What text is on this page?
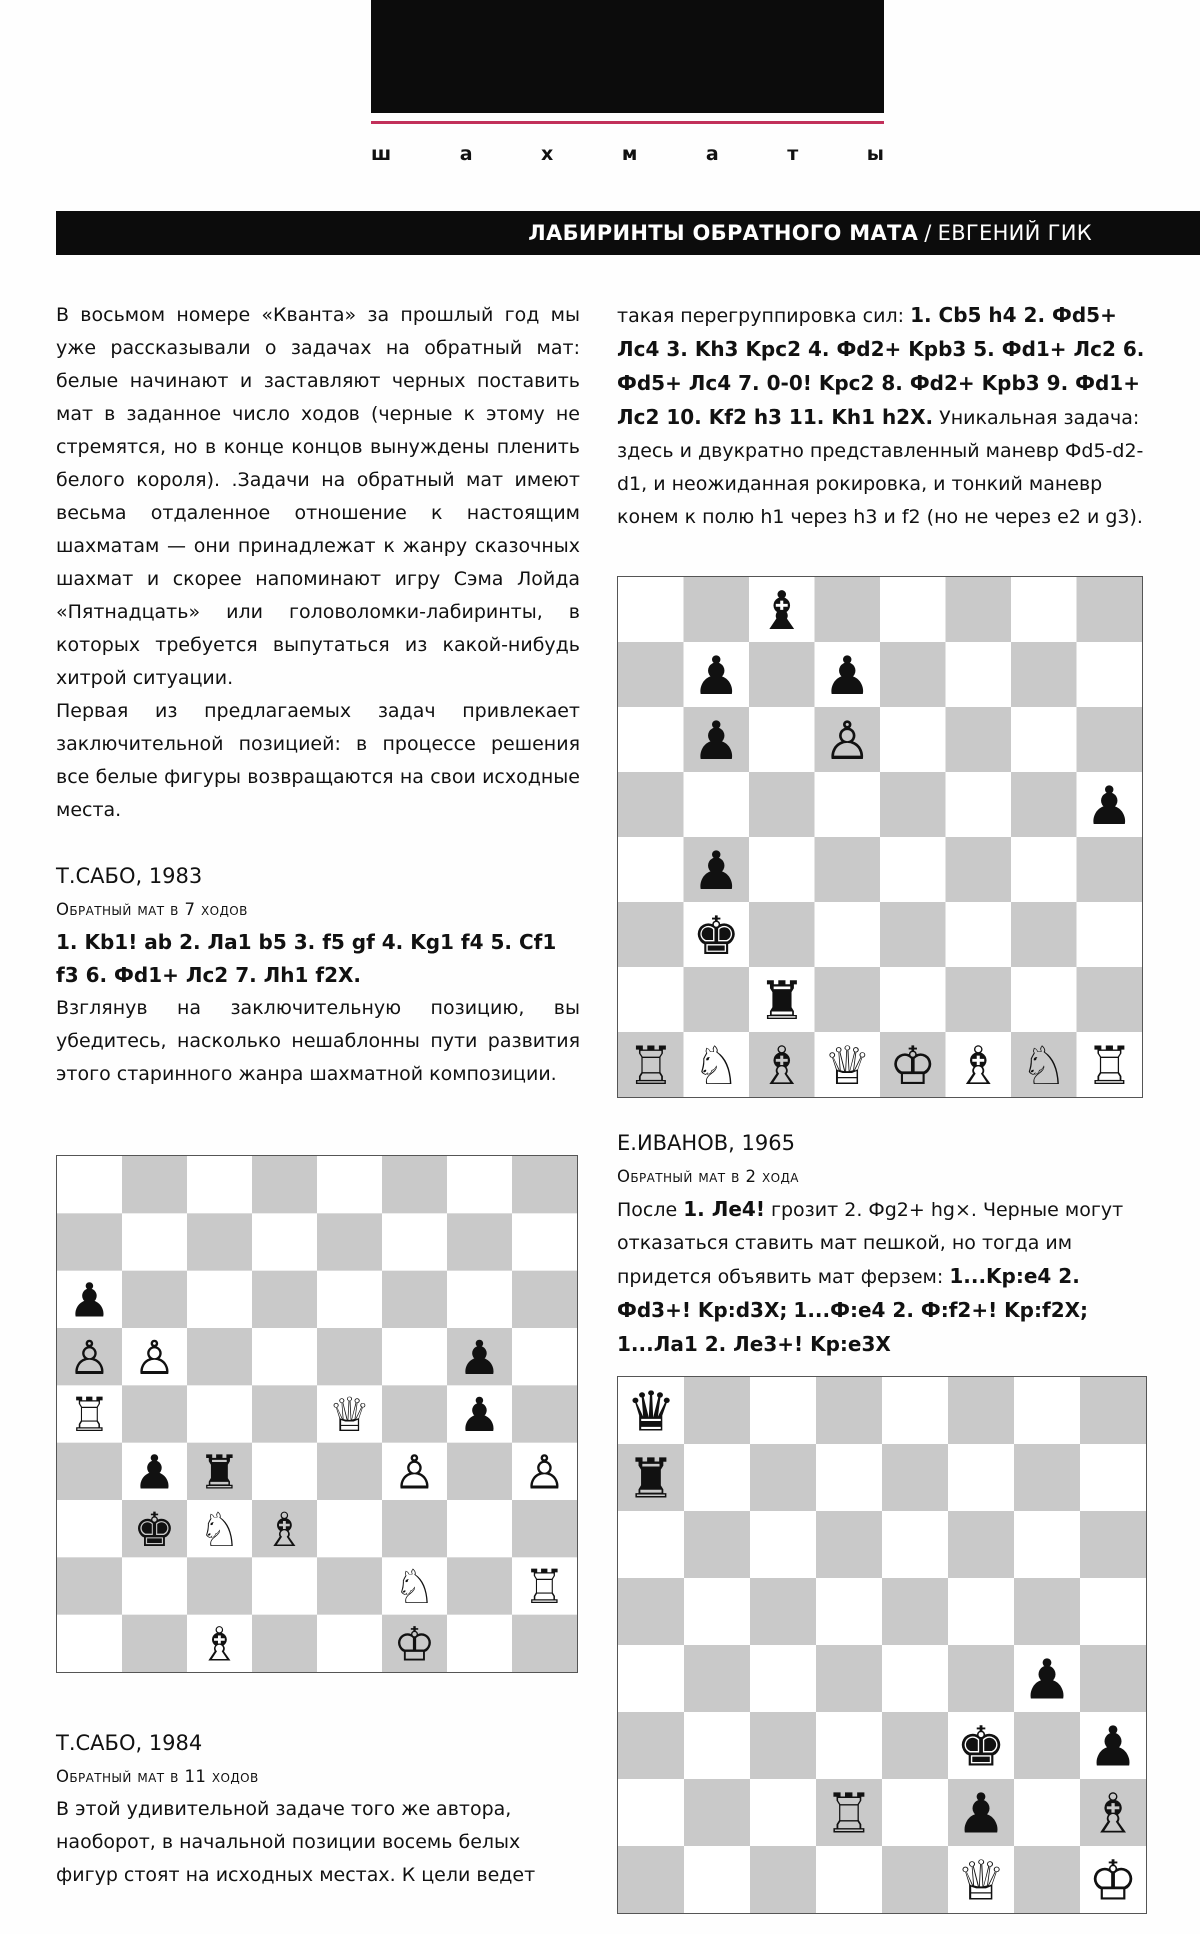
ш	а	х	м	а	т	ы
ЛАБИРИНТЫ ОБРАТНОГО МАТА / ЕВГЕНИЙ ГИК

В восьмом номере «Кванта» за прошлый год мы уже рассказывали о задачах на обратный мат: белые начинают и заставляют черных поставить мат в заданное число ходов (черные к этому не стремятся, но в конце концов вынуждены пленить белого короля). .Задачи на обратный мат имеют весьма отдаленное отношение к настоящим шахматам — они принадлежат к жанру сказочных шахмат и скорее напоминают игру Сэма Лойда «Пятнадцать» или головоломки-лабиринты, в которых требуется выпутаться из какой-нибудь хитрой ситуации.

Первая из предлагаемых задач привлекает заключительной позицией: в процессе решения все белые фигуры возвращаются на свои исходные места.

Т.САБО, 1983

Обратный мат в 7 ходов

1. Kb1! ab 2. Ла1 b5 3. f5 gf 4. Kg1 f4 5. Cf1 f3 6. Фd1+ Лс2 7. Лh1 f2X.

Взглянув на заключительную позицию, вы убедитесь, насколько нешаблонны пути развития этого старинного жанра шахматной композиции.

♟
♙ ♙	♟
♖	♕ ♟
♟ ♜	♙ ♙
♚ ♘ ♗
♘ ♖
♗	♔

Т.САБО, 1984

Обратный мат в 11 ходов

В этой удивительной задаче того же автора, наоборот, в начальной позиции восемь белых фигур стоят на исходных местах. К цели ведет

такая перегруппировка сил: 1. Cb5 h4 2. Фd5+ Лс4 3. Kh3 Kpc2 4. Фd2+ Kpb3 5. Фd1+ Лс2 6. Фd5+ Лс4 7. 0-0! Kpc2 8. Фd2+ Kpb3 9. Фd1+ Лс2 10. Kf2 h3 11. Kh1 h2X. Уникальная задача: здесь и двукратно представленный маневр Фd5-d2-d1, и неожиданная рокировка, и тонкий маневр конем к полю h1 через h3 и f2 (но не через е2 и g3).

♝
♟ ♟
♟ ♙
♟
♟
♚
♜
♖ ♘ ♗ ♕ ♔ ♗ ♘ ♖

Е.ИВАНОВ, 1965

Обратный мат в 2 хода

После 1. Ле4! грозит 2. Фg2+ hg×. Черные могут отказаться ставить мат пешкой, но тогда им придется объявить мат ферзем: 1...Kp:e4 2. Фd3+! Kp:d3X; 1...Ф:е4 2. Ф:f2+! Kp:f2X; 1...Ла1 2. Ле3+! Kp:e3X

♛
♜
♟
♚ ♟
♖ ♟ ♗
♕ ♔
